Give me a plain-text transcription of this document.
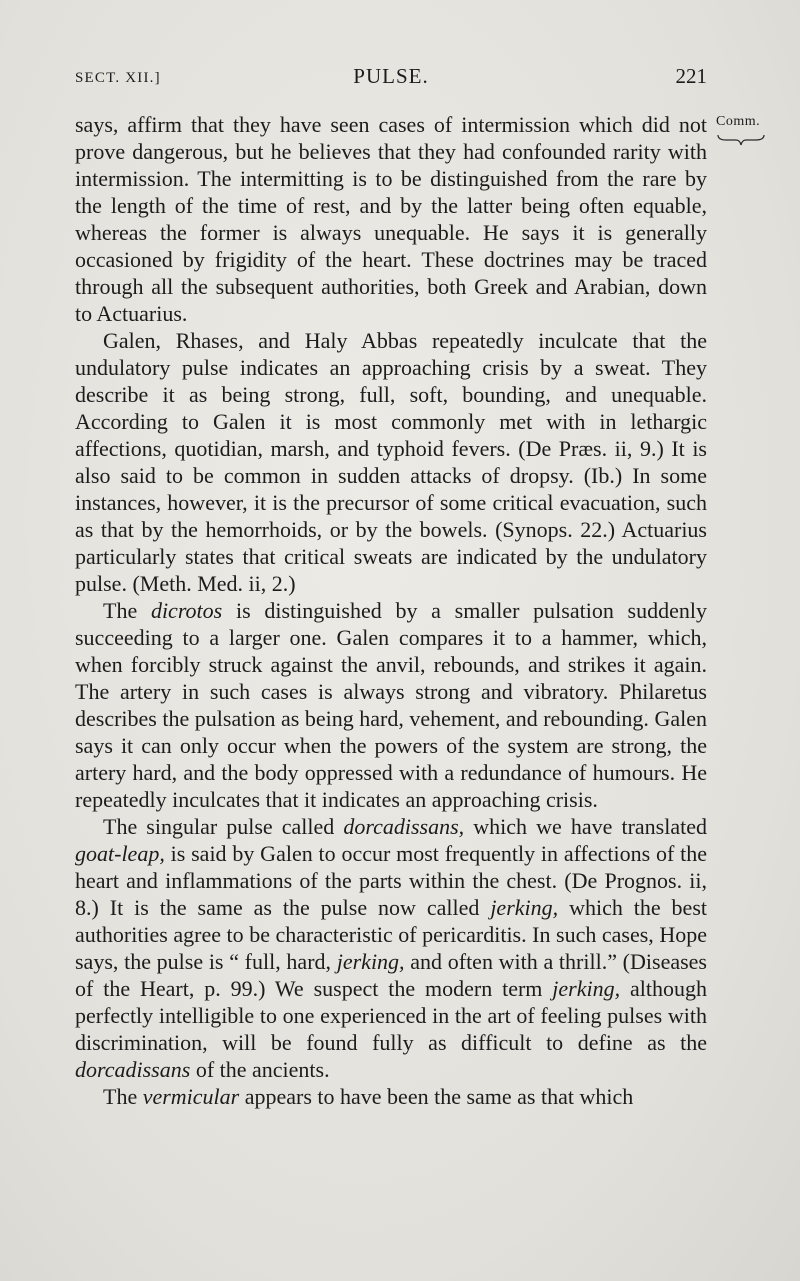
SECT. XII.]	PULSE.	221
Comm.

says, affirm that they have seen cases of intermission which did not prove dangerous, but he believes that they had confounded rarity with intermission. The intermitting is to be distinguished from the rare by the length of the time of rest, and by the latter being often equable, whereas the former is always unequable. He says it is generally occasioned by frigidity of the heart. These doctrines may be traced through all the subsequent authorities, both Greek and Arabian, down to Actuarius.

Galen, Rhases, and Haly Abbas repeatedly inculcate that the undulatory pulse indicates an approaching crisis by a sweat. They describe it as being strong, full, soft, bounding, and unequable. According to Galen it is most commonly met with in lethargic affections, quotidian, marsh, and typhoid fevers. (De Præs. ii, 9.) It is also said to be common in sudden attacks of dropsy. (Ib.) In some instances, however, it is the precursor of some critical evacuation, such as that by the hemorrhoids, or by the bowels. (Synops. 22.) Actuarius particularly states that critical sweats are indicated by the undulatory pulse. (Meth. Med. ii, 2.)

The dicrotos is distinguished by a smaller pulsation suddenly succeeding to a larger one. Galen compares it to a hammer, which, when forcibly struck against the anvil, rebounds, and strikes it again. The artery in such cases is always strong and vibratory. Philaretus describes the pulsation as being hard, vehement, and rebounding. Galen says it can only occur when the powers of the system are strong, the artery hard, and the body oppressed with a redundance of humours. He repeatedly inculcates that it indicates an approaching crisis.

The singular pulse called dorcadissans, which we have translated goat-leap, is said by Galen to occur most frequently in affections of the heart and inflammations of the parts within the chest. (De Prognos. ii, 8.) It is the same as the pulse now called jerking, which the best authorities agree to be characteristic of pericarditis. In such cases, Hope says, the pulse is “ full, hard, jerking, and often with a thrill.” (Diseases of the Heart, p. 99.) We suspect the modern term jerking, although perfectly intelligible to one experienced in the art of feeling pulses with discrimination, will be found fully as difficult to define as the dorcadissans of the ancients.

The vermicular appears to have been the same as that which
